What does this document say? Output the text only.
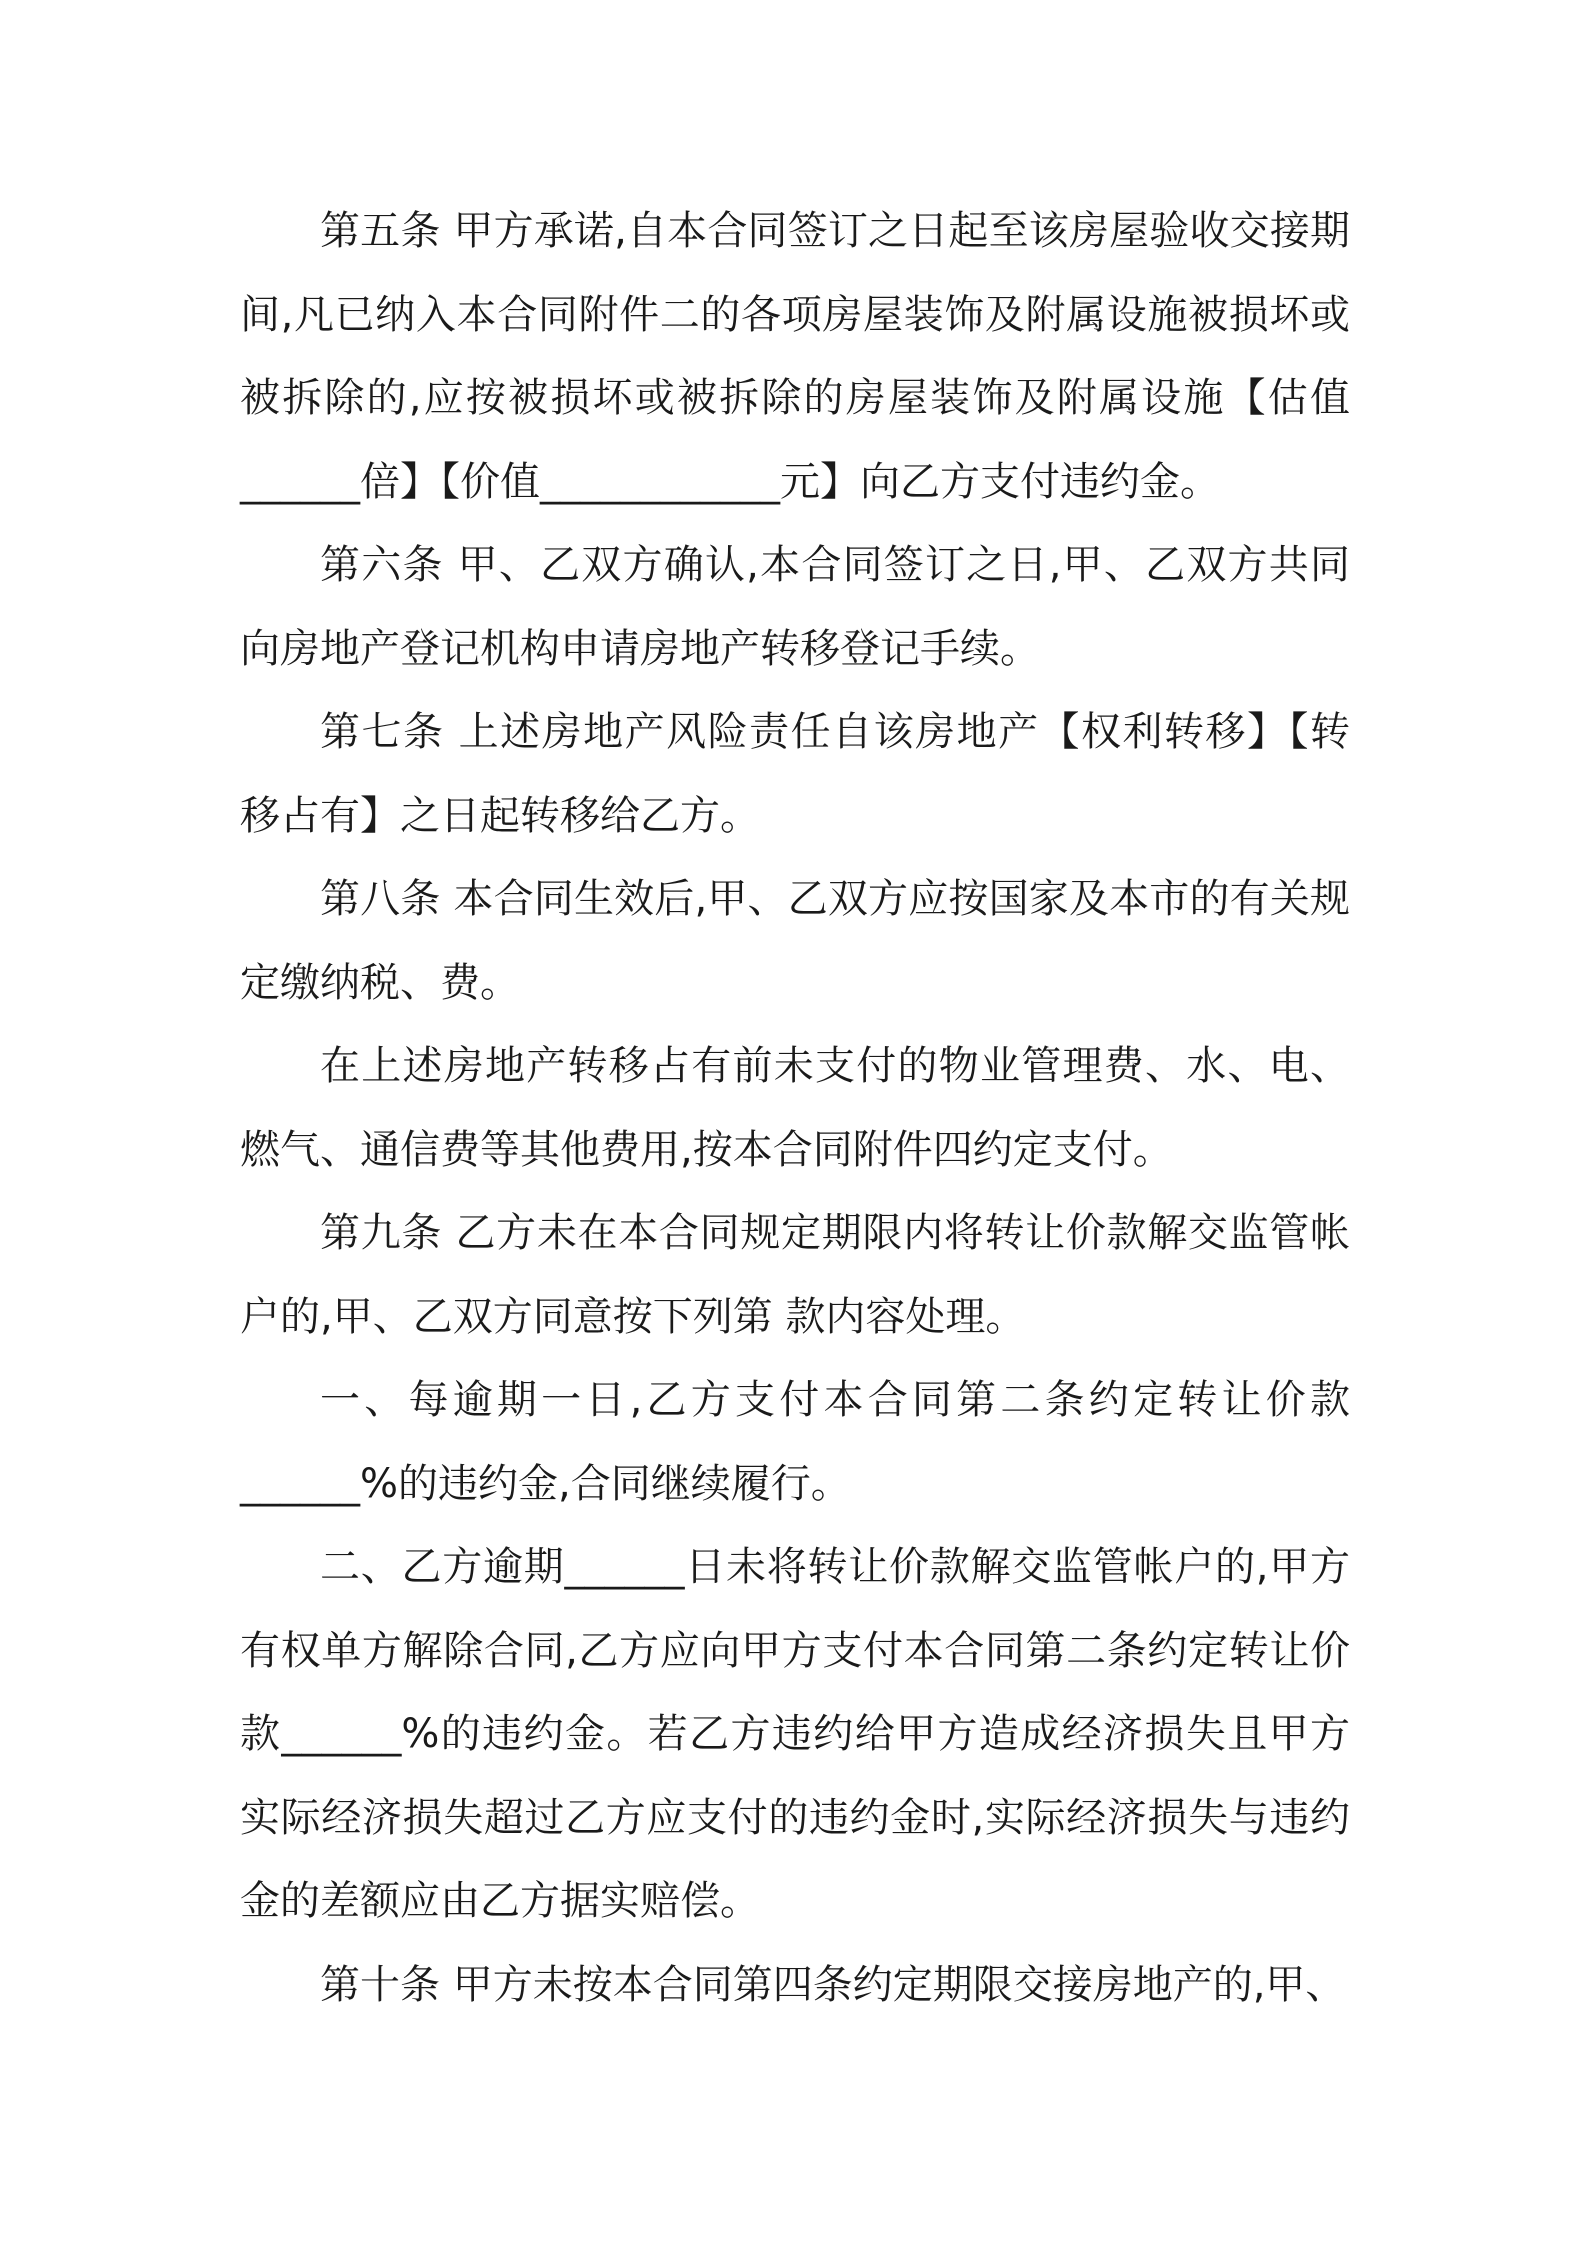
第五条 甲方承诺,自本合同签订之日起至该房屋验收交接期间,凡已纳入本合同附件二的各项房屋装饰及附属设施被损坏或被拆除的,应按被损坏或被拆除的房屋装饰及附属设施【估值______倍】【价值____________元】向乙方支付违约金。

第六条 甲、乙双方确认,本合同签订之日,甲、乙双方共同向房地产登记机构申请房地产转移登记手续。

第七条 上述房地产风险责任自该房地产【权利转移】【转移占有】之日起转移给乙方。

第八条 本合同生效后,甲、乙双方应按国家及本市的有关规定缴纳税、费。

在上述房地产转移占有前未支付的物业管理费、水、电、燃气、通信费等其他费用,按本合同附件四约定支付。

第九条 乙方未在本合同规定期限内将转让价款解交监管帐户的,甲、乙双方同意按下列第 款内容处理。

一、每逾期一日,乙方支付本合同第二条约定转让价款______%的违约金,合同继续履行。

二、乙方逾期______日未将转让价款解交监管帐户的,甲方有权单方解除合同,乙方应向甲方支付本合同第二条约定转让价款______%的违约金。若乙方违约给甲方造成经济损失且甲方实际经济损失超过乙方应支付的违约金时,实际经济损失与违约金的差额应由乙方据实赔偿。

第十条 甲方未按本合同第四条约定期限交接房地产的,甲、
